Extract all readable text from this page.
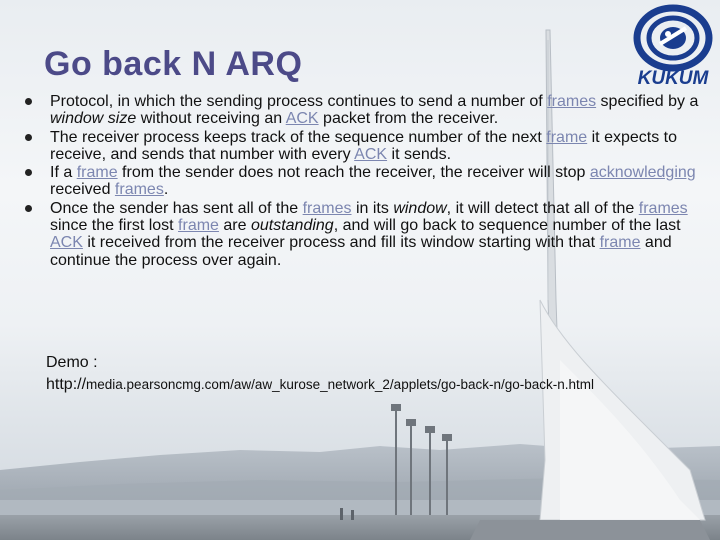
Go back N ARQ	KUKUM
Protocol, in which the sending process continues to send a number of frames specified by a window size without receiving an ACK packet from the receiver.
The receiver process keeps track of the sequence number of the next frame it expects to receive, and sends that number with every ACK it sends.
If a frame from the sender does not reach the receiver, the receiver will stop acknowledging received frames.
Once the sender has sent all of the frames in its window, it will detect that all of the frames since the first lost frame are outstanding, and will go back to sequence number of the last ACK it received from the receiver process and fill its window starting with that frame and continue the process over again.
Demo :
http://media.pearsoncmg.com/aw/aw_kurose_network_2/applets/go-back-n/go-back-n.html
